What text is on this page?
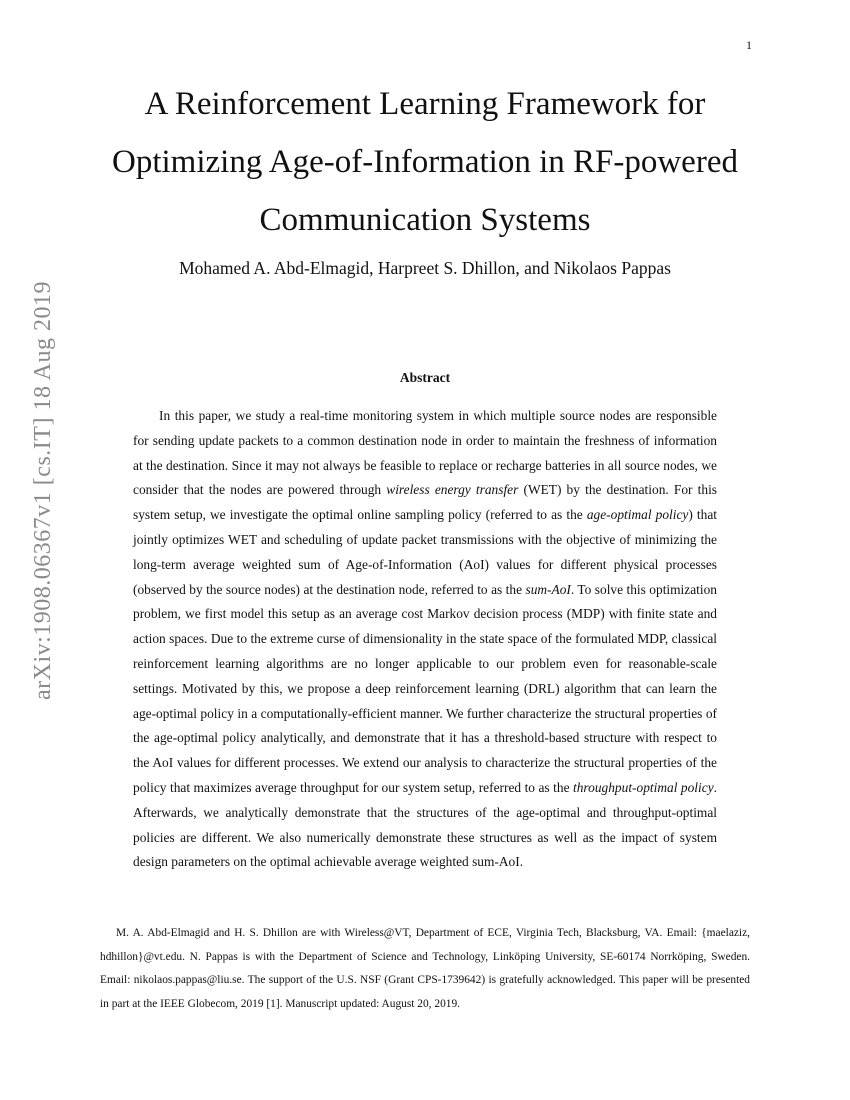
1
arXiv:1908.06367v1 [cs.IT] 18 Aug 2019
A Reinforcement Learning Framework for Optimizing Age-of-Information in RF-powered Communication Systems
Mohamed A. Abd-Elmagid, Harpreet S. Dhillon, and Nikolaos Pappas
Abstract

In this paper, we study a real-time monitoring system in which multiple source nodes are responsible for sending update packets to a common destination node in order to maintain the freshness of information at the destination. Since it may not always be feasible to replace or recharge batteries in all source nodes, we consider that the nodes are powered through wireless energy transfer (WET) by the destination. For this system setup, we investigate the optimal online sampling policy (referred to as the age-optimal policy) that jointly optimizes WET and scheduling of update packet transmissions with the objective of minimizing the long-term average weighted sum of Age-of-Information (AoI) values for different physical processes (observed by the source nodes) at the destination node, referred to as the sum-AoI. To solve this optimization problem, we first model this setup as an average cost Markov decision process (MDP) with finite state and action spaces. Due to the extreme curse of dimensionality in the state space of the formulated MDP, classical reinforcement learning algorithms are no longer applicable to our problem even for reasonable-scale settings. Motivated by this, we propose a deep reinforcement learning (DRL) algorithm that can learn the age-optimal policy in a computationally-efficient manner. We further characterize the structural properties of the age-optimal policy analytically, and demonstrate that it has a threshold-based structure with respect to the AoI values for different processes. We extend our analysis to characterize the structural properties of the policy that maximizes average throughput for our system setup, referred to as the throughput-optimal policy. Afterwards, we analytically demonstrate that the structures of the age-optimal and throughput-optimal policies are different. We also numerically demonstrate these structures as well as the impact of system design parameters on the optimal achievable average weighted sum-AoI.

M. A. Abd-Elmagid and H. S. Dhillon are with Wireless@VT, Department of ECE, Virginia Tech, Blacksburg, VA. Email: {maelaziz, hdhillon}@vt.edu. N. Pappas is with the Department of Science and Technology, Linköping University, SE-60174 Norrköping, Sweden. Email: nikolaos.pappas@liu.se. The support of the U.S. NSF (Grant CPS-1739642) is gratefully acknowledged. This paper will be presented in part at the IEEE Globecom, 2019 [1]. Manuscript updated: August 20, 2019.
